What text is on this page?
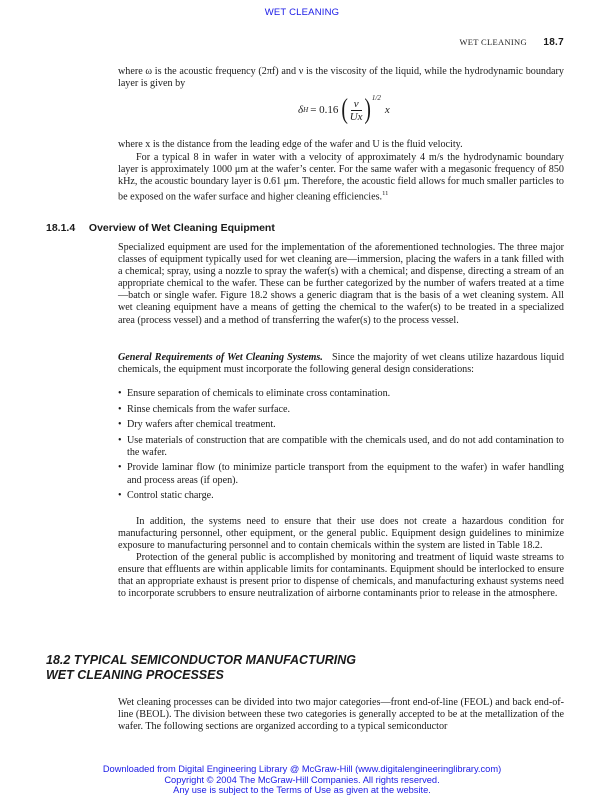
WET CLEANING
WET CLEANING 18.7

where ω is the acoustic frequency (2πf) and ν is the viscosity of the liquid, while the hydrodynamic boundary layer is given by

δ H = 0.16 ( $\frac{\nu}{Ux}$ ) 1/2
x

where x is the distance from the leading edge of the wafer and U is the fluid velocity.

For a typical 8 in wafer in water with a velocity of approximately 4 m/s the hydrodynamic boundary layer is approximately 1000 μm at the wafer’s center. For the same wafer with a megasonic frequency of 850 kHz, the acoustic boundary layer is 0.61 μm. Therefore, the acoustic field allows for much smaller particles to be exposed on the wafer surface and higher cleaning efficiencies.$^{11}$

18.1.4 Overview of Wet Cleaning Equipment

Specialized equipment are used for the implementation of the aforementioned technologies. The three major classes of equipment typically used for wet cleaning are—immersion, placing the wafers in a tank filled with a chemical; spray, using a nozzle to spray the wafer(s) with a chemical; and dispense, directing a stream of an appropriate chemical to the wafer. These can be further categorized by the number of wafers treated at a time—batch or single wafer. Figure 18.2 shows a generic diagram that is the basis of a wet cleaning system. All wet cleaning equipment have a means of getting the chemical to the wafer(s) to be treated in a specialized area (process vessel) and a method of transferring the wafer(s) to the process vessel.

General Requirements of Wet Cleaning Systems. Since the majority of wet cleans utilize hazardous liquid chemicals, the equipment must incorporate the following general design considerations:

• Ensure separation of chemicals to eliminate cross contamination.
• Rinse chemicals from the wafer surface.
• Dry wafers after chemical treatment.
• Use materials of construction that are compatible with the chemicals used, and do not add contamination to the wafer.
• Provide laminar flow (to minimize particle transport from the equipment to the wafer) in wafer handling and process areas (if open).
• Control static charge.

In addition, the systems need to ensure that their use does not create a hazardous condition for manufacturing personnel, other equipment, or the general public. Equipment design guidelines to minimize exposure to manufacturing personnel and to contain chemicals within the system are listed in Table 18.2.

Protection of the general public is accomplished by monitoring and treatment of liquid waste streams to ensure that effluents are within applicable limits for contaminants. Equipment should be interlocked to ensure that an appropriate exhaust is present prior to dispense of chemicals, and manufacturing exhaust systems need to incorporate scrubbers to ensure neutralization of airborne contaminants prior to release in the atmosphere.

18.2 TYPICAL SEMICONDUCTOR MANUFACTURING
WET CLEANING PROCESSES

Wet cleaning processes can be divided into two major categories—front end-of-line (FEOL) and back end-of-line (BEOL). The division between these two categories is generally accepted to be at the metallization of the wafer. The following sections are organized according to a typical semiconductor

Downloaded from Digital Engineering Library @ McGraw-Hill (www.digitalengineeringlibrary.com)
Copyright © 2004 The McGraw-Hill Companies. All rights reserved.
Any use is subject to the Terms of Use as given at the website.
